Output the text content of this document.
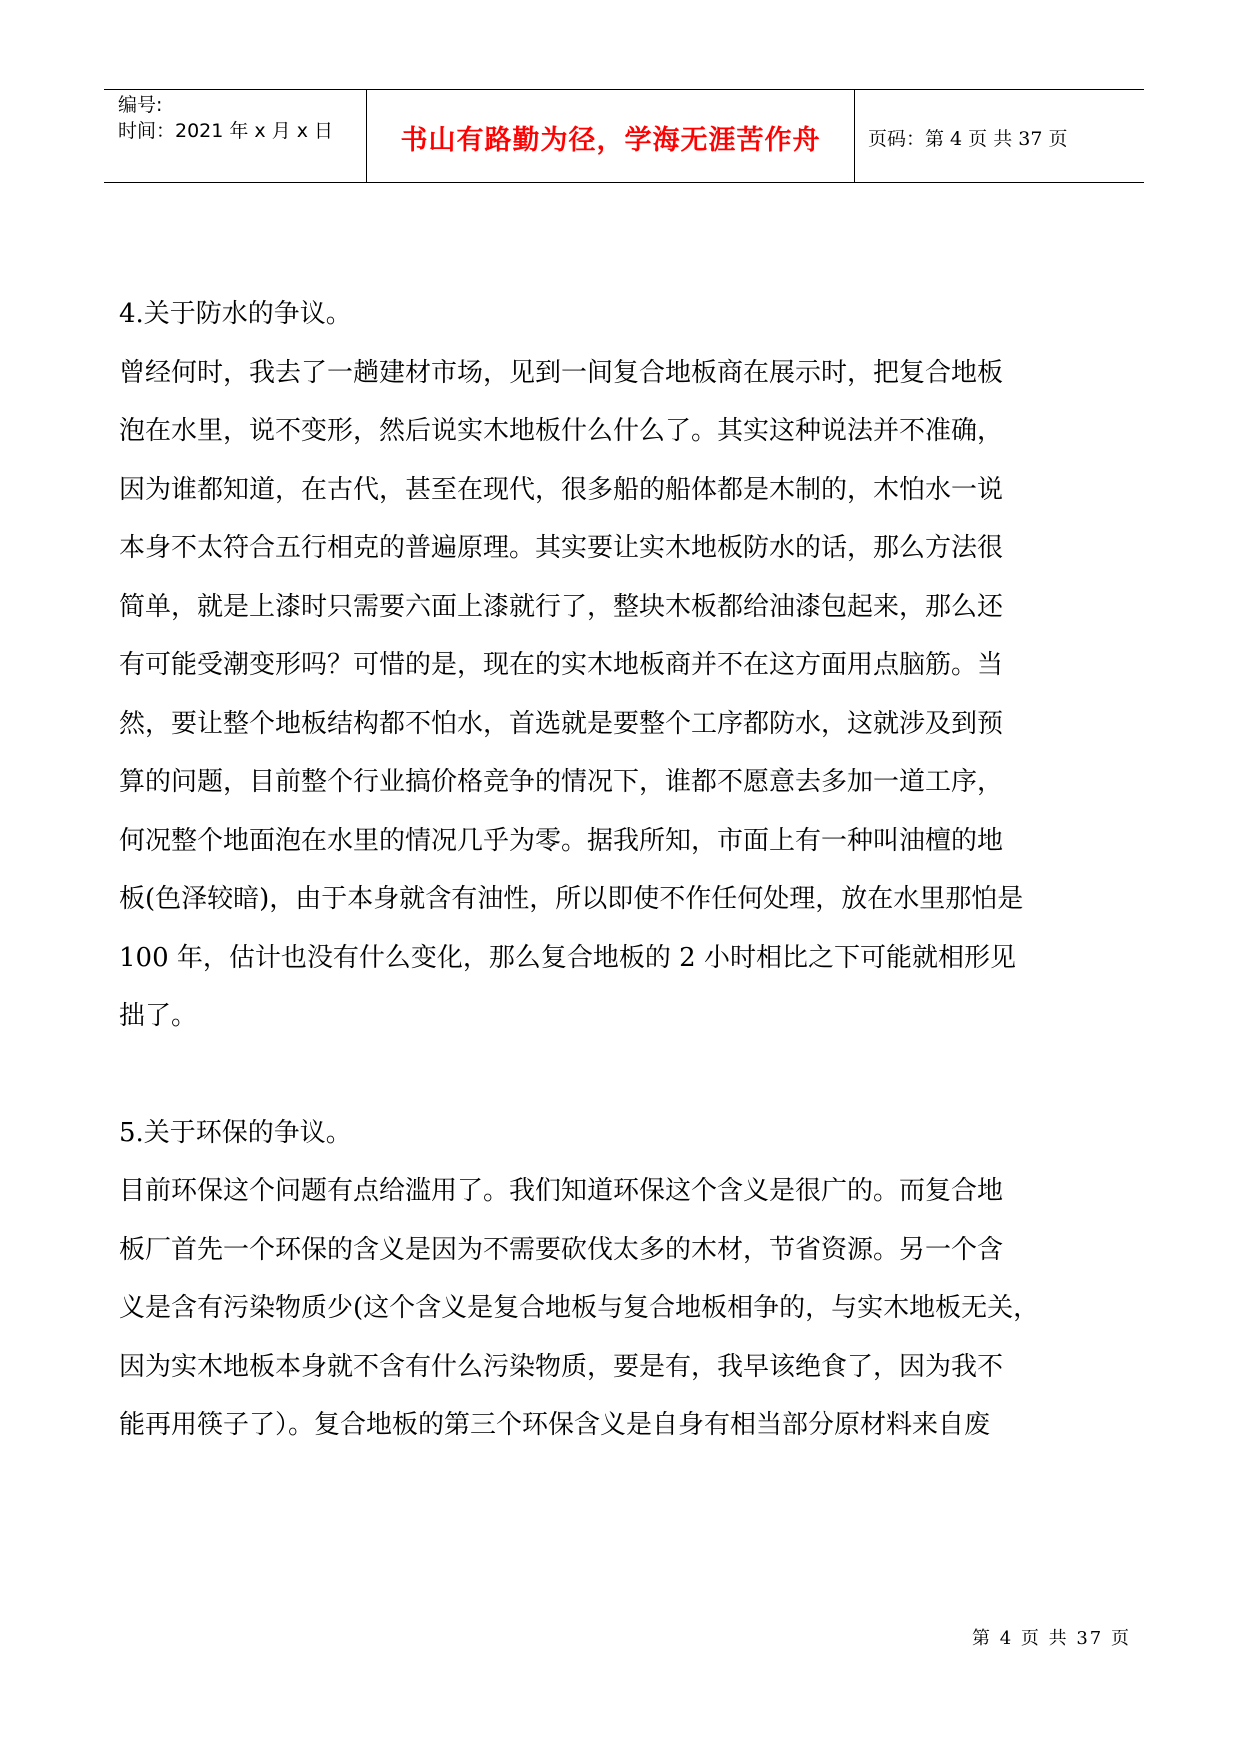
编号:
时间：2021 年 x 月 x 日	书山有路勤为径，学海无涯苦作舟	页码：第 4 页 共 37 页
4.关于防水的争议。
曾经何时，我去了一趟建材市场，见到一间复合地板商在展示时，把复合地板
泡在水里，说不变形，然后说实木地板什么什么了。其实这种说法并不准确，
因为谁都知道，在古代，甚至在现代，很多船的船体都是木制的，木怕水一说
本身不太符合五行相克的普遍原理。其实要让实木地板防水的话，那么方法很
简单，就是上漆时只需要六面上漆就行了，整块木板都给油漆包起来，那么还
有可能受潮变形吗？可惜的是，现在的实木地板商并不在这方面用点脑筋。当
然，要让整个地板结构都不怕水，首选就是要整个工序都防水，这就涉及到预
算的问题，目前整个行业搞价格竞争的情况下，谁都不愿意去多加一道工序，
何况整个地面泡在水里的情况几乎为零。据我所知，市面上有一种叫油檀的地
板(色泽较暗)，由于本身就含有油性，所以即使不作任何处理，放在水里那怕是
100 年，估计也没有什么变化，那么复合地板的 2 小时相比之下可能就相形见
拙了。
5.关于环保的争议。
目前环保这个问题有点给滥用了。我们知道环保这个含义是很广的。而复合地
板厂首先一个环保的含义是因为不需要砍伐太多的木材，节省资源。另一个含
义是含有污染物质少(这个含义是复合地板与复合地板相争的，与实木地板无关，
因为实木地板本身就不含有什么污染物质，要是有，我早该绝食了，因为我不
能再用筷子了）。复合地板的第三个环保含义是自身有相当部分原材料来自废
第 4 页 共 37 页
